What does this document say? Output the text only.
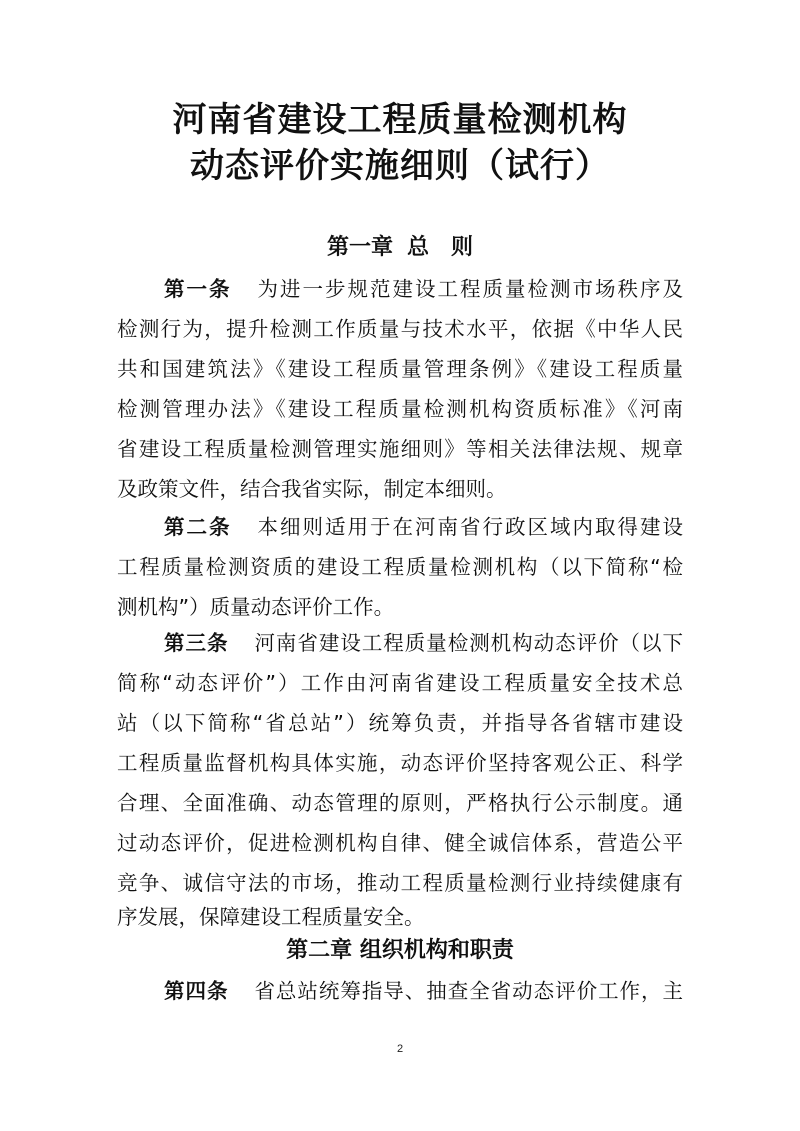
河南省建设工程质量检测机构
动态评价实施细则（试行）
第一章 总　则

第一条 为进一步规范建设工程质量检测市场秩序及

检测行为，提升检测工作质量与技术水平，依据《中华人民

共和国建筑法》《建设工程质量管理条例》《建设工程质量

检测管理办法》《建设工程质量检测机构资质标准》《河南

省建设工程质量检测管理实施细则》等相关法律法规、规章

及政策文件，结合我省实际，制定本细则。

第二条 本细则适用于在河南省行政区域内取得建设

工程质量检测资质的建设工程质量检测机构（以下简称“检

测机构”）质量动态评价工作。

第三条 河南省建设工程质量检测机构动态评价（以下

简称“动态评价”）工作由河南省建设工程质量安全技术总

站（以下简称“省总站”）统筹负责，并指导各省辖市建设

工程质量监督机构具体实施，动态评价坚持客观公正、科学

合理、全面准确、动态管理的原则，严格执行公示制度。通

过动态评价，促进检测机构自律、健全诚信体系，营造公平

竞争、诚信守法的市场，推动工程质量检测行业持续健康有

序发展，保障建设工程质量安全。

第二章 组织机构和职责

第四条 省总站统筹指导、抽查全省动态评价工作，主

2
